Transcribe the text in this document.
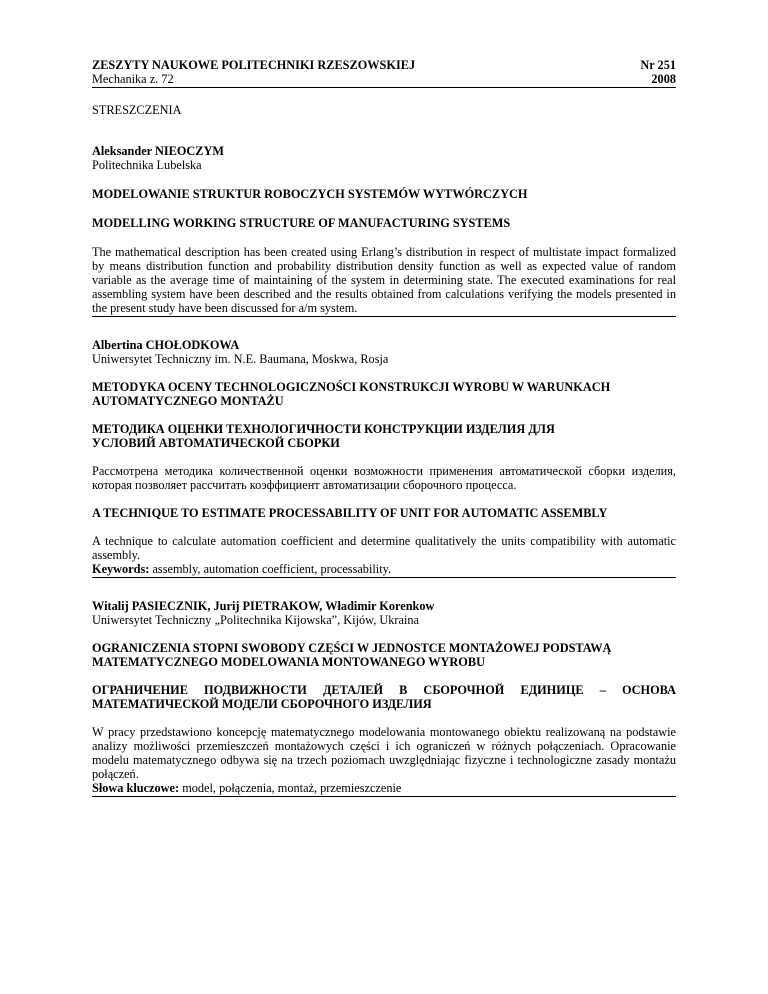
ZESZYTY NAUKOWE POLITECHNIKI RZESZOWSKIEJ
Mechanika z. 72
Nr 251
2008
STRESZCZENIA
Aleksander NIEOCZYM
Politechnika Lubelska
MODELOWANIE STRUKTUR ROBOCZYCH SYSTEMÓW WYTWÓRCZYCH
MODELLING WORKING STRUCTURE OF MANUFACTURING SYSTEMS
The mathematical description has been created using Erlang’s distribution in respect of multistate impact formalized by means distribution function and probability distribution density function as well as expected value of random variable as the average time of maintaining of the system in determining state. The executed examinations for real assembling system have been described and the results obtained from calculations verifying the models presented in the present study have been discussed for a/m system.
Albertina CHOŁODKOWA
Uniwersytet Techniczny im. N.E. Baumana, Moskwa, Rosja
METODYKA OCENY TECHNOLOGICZNOŚCI KONSTRUKCJI WYROBU W WARUNKACH AUTOMATYCZNEGO MONTAŻU
МЕТОДИКА ОЦЕНКИ ТЕХНОЛОГИЧНОСТИ КОНСТРУКЦИИ ИЗДЕЛИЯ ДЛЯ УСЛОВИЙ АВТОМАТИЧЕСКОЙ СБОРКИ
Рассмотрена методика количественной оценки возможности применения автоматической сборки изделия, которая позволяет рассчитать коэффициент автоматизации сборочного процесса.
A TECHNIQUE TO ESTIMATE PROCESSABILITY OF UNIT FOR AUTOMATIC ASSEMBLY
A technique to calculate automation coefficient and determine qualitatively the units compatibility with automatic assembly.
Keywords: assembly, automation coefficient, processability.
Witalij PASIECZNIK, Jurij PIETRAKOW, Władimir Korenkow
Uniwersytet Techniczny „Politechnika Kijowska”, Kijów, Ukraina
OGRANICZENIA STOPNI SWOBODY CZĘŚCI W JEDNOSTCE MONTAŻOWEJ PODSTAWĄ MATEMATYCZNEGO MODELOWANIA MONTOWANEGO WYROBU
ОГРАНИЧЕНИЕ ПОДВИЖНОСТИ ДЕТАЛЕЙ В СБОРОЧНОЙ ЕДИНИЦЕ – ОСНОВА МАТЕМАТИЧЕСКОЙ МОДЕЛИ СБОРОЧНОГО ИЗДЕЛИЯ
W pracy przedstawiono koncepcję matematycznego modelowania montowanego obiektu realizowaną na podstawie analizy możliwości przemieszczeń montażowych części i ich ograniczeń w różnych połączeniach. Opracowanie modelu matematycznego odbywa się na trzech poziomach uwzględniając fizyczne i technologiczne zasady montażu połączeń.
Słowa kluczowe: model, połączenia, montaż, przemieszczenie
